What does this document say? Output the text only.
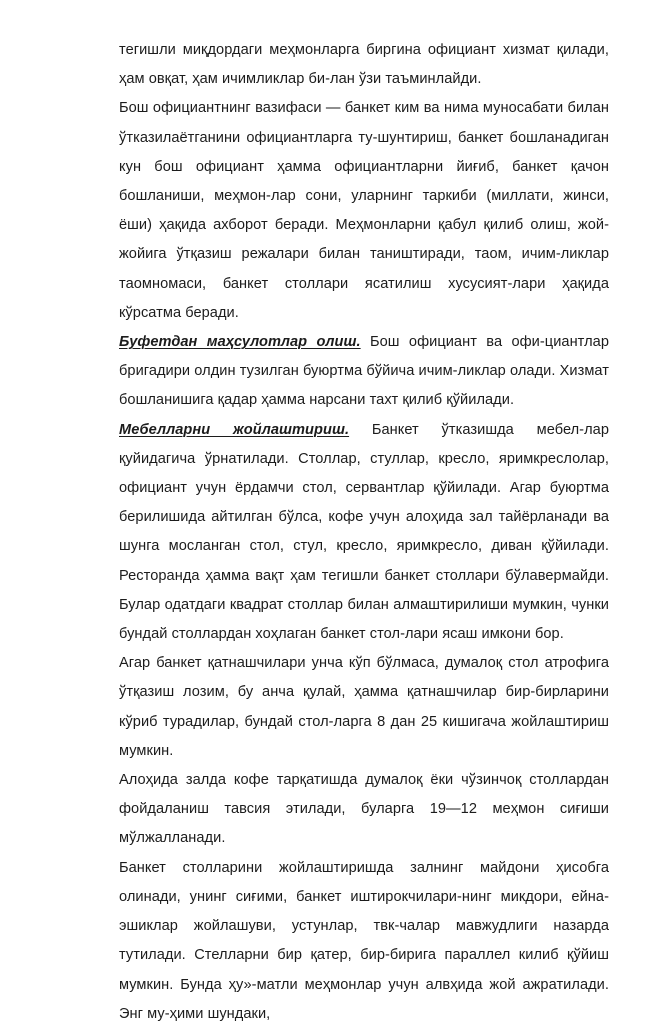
тегишли миқдордаги меҳмонларга биргина официант хизмат қилади, ҳам овқат, ҳам ичимликлар би-лан ўзи таъминлайди.

Бош официантнинг вазифаси — банкет ким ва нима муносабати билан ўтказилаётганини официантларга ту-шунтириш, банкет бошланадиган кун бош официант ҳамма официантларни йиғиб, банкет қачон бошланиши, меҳмон-лар сони, уларнинг таркиби (миллати, жинси, ёши) ҳақида ахборот беради. Меҳмонларни қабул қилиб олиш, жой-жойига ўтқазиш режалари билан таништиради, таом, ичим-ликлар таомномаси, банкет столлари ясатилиш хусусият-лари ҳақида кўрсатма беради.

Буфетдан маҳсулотлар олиш. Бош официант ва офи-циантлар бригадири олдин тузилган буюртма бўйича ичим-ликлар олади. Хизмат бошланишига қадар ҳамма нарсани тахт қилиб қўйилади.

Мебелларни жойлаштириш. Банкет ўтказишда мебел-лар қуйидагича ўрнатилади. Столлар, стуллар, кресло, яримкреслолар, официант учун ёрдамчи стол, сервантлар қўйилади. Агар буюртма берилишида айтилган бўлса, кофе учун алоҳида зал тайёрланади ва шунга мосланган стол, стул, кресло, яримкресло, диван қўйилади. Ресторанда ҳамма вақт ҳам тегишли банкет столлари бўлавермайди. Булар одатдаги квадрат столлар билан алмаштирилиши мумкин, чунки бундай столлардан хоҳлаган банкет стол-лари ясаш имкони бор.

Агар банкет қатнашчилари унча кўп бўлмаса, думалоқ стол атрофига ўтқазиш лозим, бу анча қулай, ҳамма қатнашчилар бир-бирларини кўриб турадилар, бундай стол-ларга 8 дан 25 кишигача жойлаштириш мумкин.

Алоҳида залда кофе тарқатишда думалоқ ёки чўзинчоқ столлардан фойдаланиш тавсия этилади, буларга 19—12 меҳмон сиғиши мўлжалланади.

Банкет столларини жойлаштиришда залнинг майдони ҳисобга олинади, унинг сиғими, банкет иштирокчилари-нинг микдори, ейна-эшиклар жойлашуви, устунлар, твк-чалар мавжудлиги назарда тутилади. Стелларни бир қатер, бир-бирига параллел килиб қўйиш мумкин. Бунда ҳу»-матли меҳмонлар учун алвҳида жой ажратилади. Энг му-ҳими шундаки,
